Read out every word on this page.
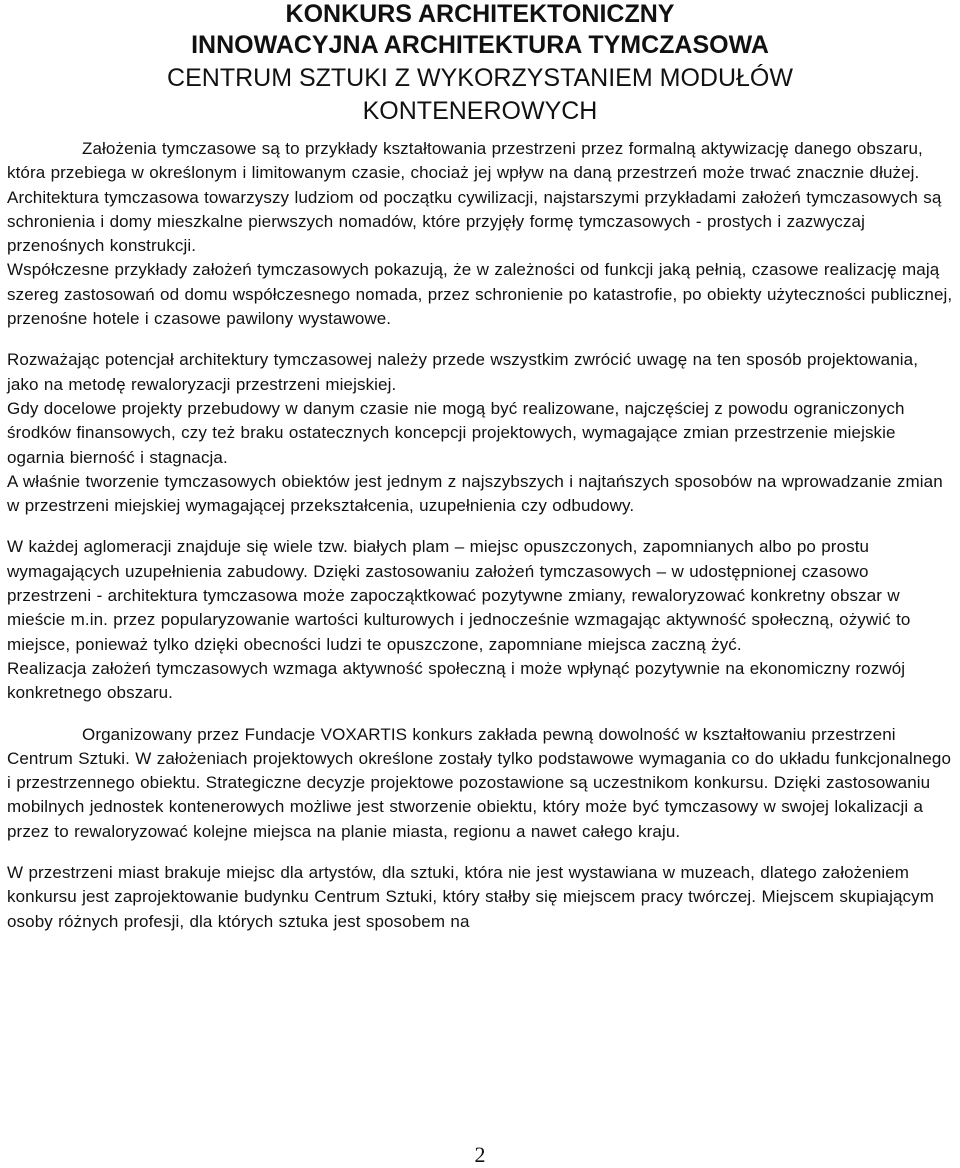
KONKURS ARCHITEKTONICZNY

INNOWACYJNA ARCHITEKTURA TYMCZASOWA

CENTRUM SZTUKI Z WYKORZYSTANIEM MODUŁÓW

KONTENEROWYCH

Założenia tymczasowe są to przykłady kształtowania przestrzeni przez formalną aktywizację danego obszaru, która przebiega w określonym i limitowanym czasie, chociaż jej wpływ na daną przestrzeń może trwać znacznie dłużej.

Architektura tymczasowa towarzyszy ludziom od początku cywilizacji, najstarszymi przykładami założeń tymczasowych są schronienia i domy mieszkalne pierwszych nomadów, które przyjęły formę tymczasowych - prostych i zazwyczaj przenośnych konstrukcji.

Współczesne przykłady założeń tymczasowych pokazują, że w zależności od funkcji jaką pełnią, czasowe realizację mają szereg zastosowań od domu współczesnego nomada, przez schronienie po katastrofie, po obiekty użyteczności publicznej, przenośne hotele i czasowe pawilony wystawowe.

Rozważając potencjał architektury tymczasowej należy przede wszystkim zwrócić uwagę na ten sposób projektowania, jako na metodę rewaloryzacji przestrzeni miejskiej.

Gdy docelowe projekty przebudowy w danym czasie nie mogą być realizowane, najczęściej z powodu ograniczonych środków finansowych, czy też braku ostatecznych koncepcji projektowych, wymagające zmian przestrzenie miejskie ogarnia bierność i stagnacja.

A właśnie tworzenie tymczasowych obiektów jest jednym z najszybszych i najtańszych sposobów na wprowadzanie zmian w przestrzeni miejskiej wymagającej przekształcenia, uzupełnienia czy odbudowy.

W każdej aglomeracji znajduje się wiele tzw. białych plam – miejsc opuszczonych, zapomnianych albo po prostu wymagających uzupełnienia zabudowy. Dzięki zastosowaniu założeń tymczasowych – w udostępnionej czasowo przestrzeni - architektura tymczasowa może zapocząktkować pozytywne zmiany, rewaloryzować konkretny obszar w mieście m.in. przez popularyzowanie wartości kulturowych i jednocześnie wzmagając aktywność społeczną, ożywić to miejsce, ponieważ tylko dzięki obecności ludzi te opuszczone, zapomniane miejsca zaczną żyć.

Realizacja założeń tymczasowych wzmaga aktywność społeczną i może wpłynąć pozytywnie na ekonomiczny rozwój konkretnego obszaru.

Organizowany przez Fundacje VOXARTIS konkurs zakłada pewną dowolność w kształtowaniu przestrzeni Centrum Sztuki. W założeniach projektowych określone zostały tylko podstawowe wymagania co do układu funkcjonalnego i przestrzennego obiektu. Strategiczne decyzje projektowe pozostawione są uczestnikom konkursu. Dzięki zastosowaniu mobilnych jednostek kontenerowych możliwe jest stworzenie obiektu, który może być tymczasowy w swojej lokalizacji a przez to rewaloryzować kolejne miejsca na planie miasta, regionu a nawet całego kraju.

W przestrzeni miast brakuje miejsc dla artystów, dla sztuki, która nie jest wystawiana w muzeach, dlatego założeniem konkursu jest zaprojektowanie budynku Centrum Sztuki, który stałby się miejscem pracy twórczej. Miejscem skupiającym osoby różnych profesji, dla których sztuka jest sposobem na

2
